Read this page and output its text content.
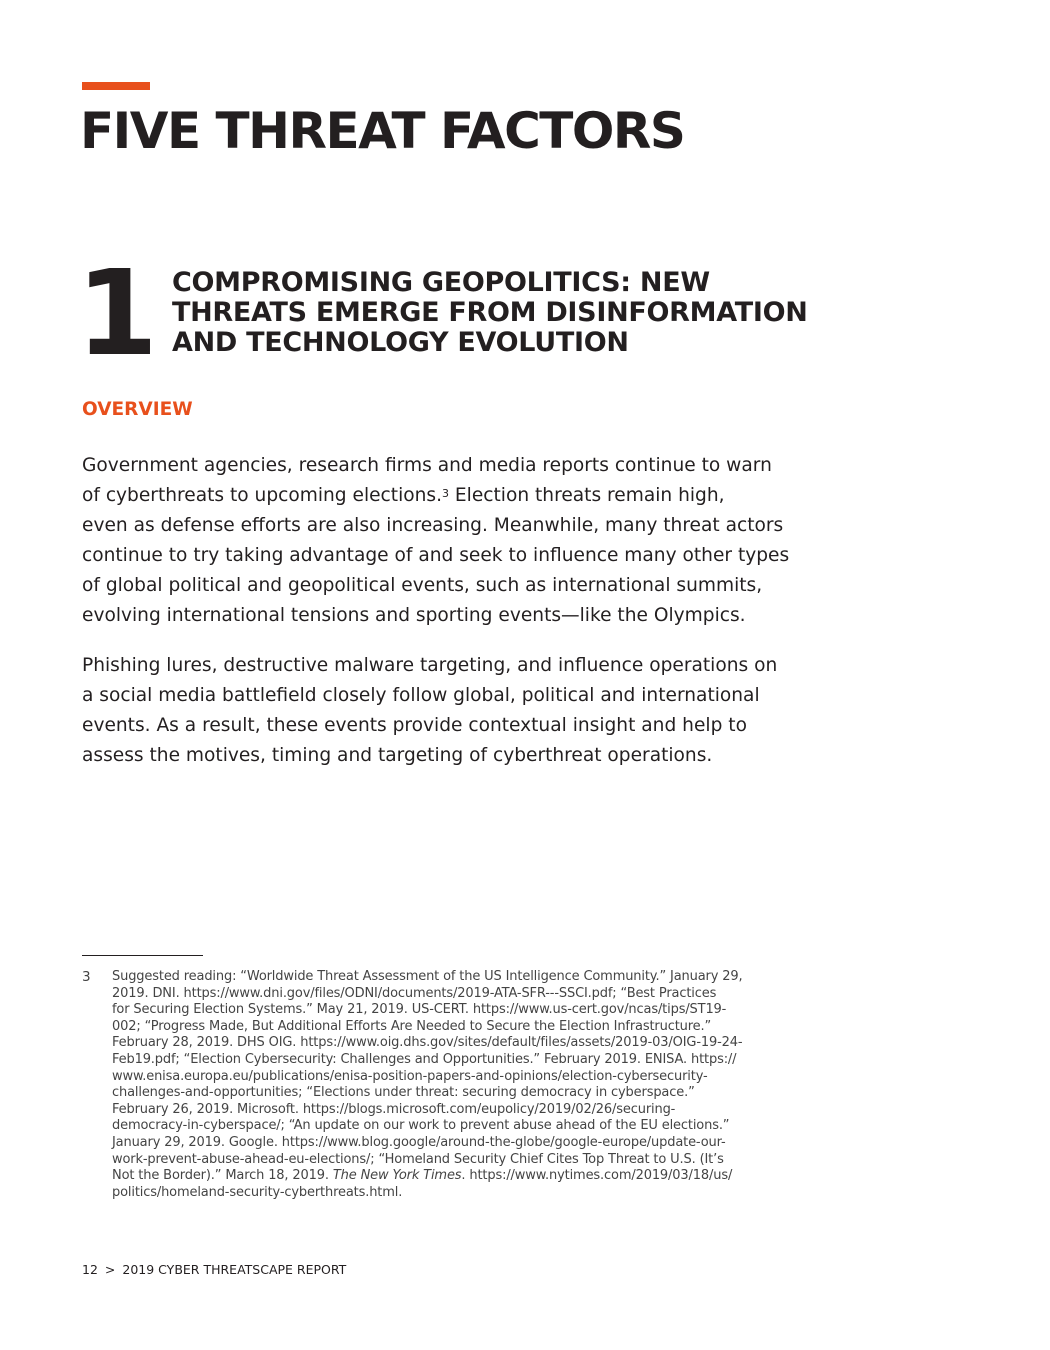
FIVE THREAT FACTORS
1 COMPROMISING GEOPOLITICS: NEW
THREATS EMERGE FROM DISINFORMATION
AND TECHNOLOGY EVOLUTION
OVERVIEW

Government agencies, research firms and media reports continue to warn
of cyberthreats to upcoming elections.$^3$ Election threats remain high,
even as defense efforts are also increasing. Meanwhile, many threat actors
continue to try taking advantage of and seek to influence many other types
of global political and geopolitical events, such as international summits,
evolving international tensions and sporting events—like the Olympics.

Phishing lures, destructive malware targeting, and influence operations on
a social media battlefield closely follow global, political and international
events. As a result, these events provide contextual insight and help to
assess the motives, timing and targeting of cyberthreat operations.

3 Suggested reading: “Worldwide Threat Assessment of the US Intelligence Community.” January 29,
2019. DNI. https://www.dni.gov/files/ODNI/documents/2019-ATA-SFR---SSCI.pdf; “Best Practices
for Securing Election Systems.” May 21, 2019. US-CERT. https://www.us-cert.gov/ncas/tips/ST19-
002; “Progress Made, But Additional Efforts Are Needed to Secure the Election Infrastructure.”
February 28, 2019. DHS OIG. https://www.oig.dhs.gov/sites/default/files/assets/2019-03/OIG-19-24-
Feb19.pdf; “Election Cybersecurity: Challenges and Opportunities.” February 2019. ENISA. https://
www.enisa.europa.eu/publications/enisa-position-papers-and-opinions/election-cybersecurity-
challenges-and-opportunities; “Elections under threat: securing democracy in cyberspace.”
February 26, 2019. Microsoft. https://blogs.microsoft.com/eupolicy/2019/02/26/securing-
democracy-in-cyberspace/; “An update on our work to prevent abuse ahead of the EU elections.”
January 29, 2019. Google. https://www.blog.google/around-the-globe/google-europe/update-our-
work-prevent-abuse-ahead-eu-elections/; “Homeland Security Chief Cites Top Threat to U.S. (It’s
Not the Border).” March 18, 2019. The New York Times. https://www.nytimes.com/2019/03/18/us/
politics/homeland-security-cyberthreats.html.
12 > 2019 CYBER THREATSCAPE REPORT
